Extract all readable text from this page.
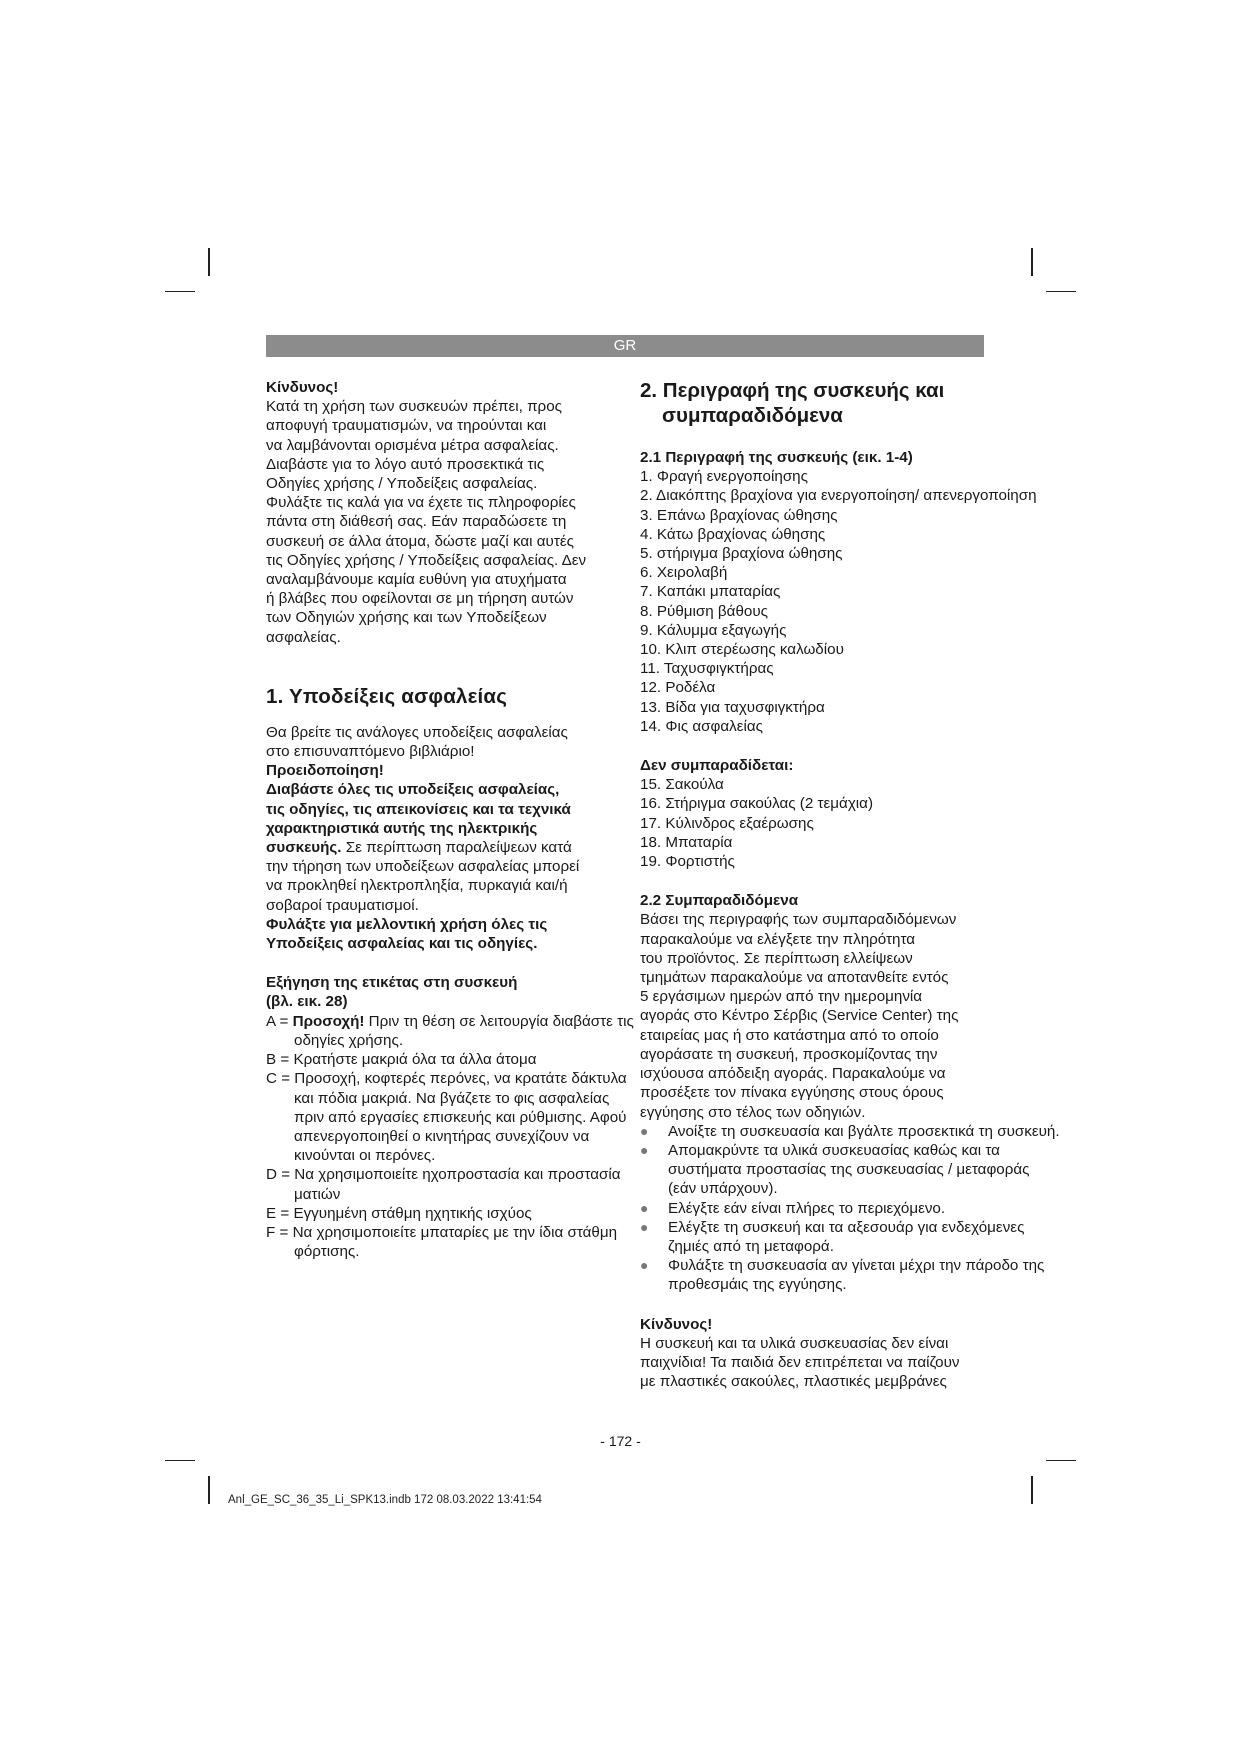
GR

Κίνδυνος!

Κατά τη χρήση των συσκευών πρέπει, προς

αποφυγή τραυματισμών, να τηρούνται και

να λαμβάνονται ορισμένα μέτρα ασφαλείας.

Διαβάστε για το λόγο αυτό προσεκτικά τις

Οδηγίες χρήσης / Υποδείξεις ασφαλείας.

Φυλάξτε τις καλά για να έχετε τις πληροφορίες

πάντα στη διάθεσή σας. Εάν παραδώσετε τη

συσκευή σε άλλα άτομα, δώστε μαζί και αυτές

τις Οδηγίες χρήσης / Υποδείξεις ασφαλείας. Δεν

αναλαμβάνουμε καμία ευθύνη για ατυχήματα

ή βλάβες που οφείλονται σε μη τήρηση αυτών

των Οδηγιών χρήσης και των Υποδείξεων

ασφαλείας.

1. Υποδείξεις ασφαλείας

Θα βρείτε τις ανάλογες υποδείξεις ασφαλείας

στο επισυναπτόμενο βιβλιάριο!

Προειδοποίηση!

Διαβάστε όλες τις υποδείξεις ασφαλείας,

τις οδηγίες, τις απεικονίσεις και τα τεχνικά

χαρακτηριστικά αυτής της ηλεκτρικής

συσκευής. Σε περίπτωση παραλείψεων κατά

την τήρηση των υποδείξεων ασφαλείας μπορεί

να προκληθεί ηλεκτροπληξία, πυρκαγιά και/ή

σοβαροί τραυματισμοί.

Φυλάξτε για μελλοντική χρήση όλες τις

Υποδείξεις ασφαλείας και τις οδηγίες.

Εξήγηση της ετικέτας στη συσκευή

(βλ. εικ. 28)

A = Προσοχή! Πριν τη θέση σε λειτουργία διαβάστε τις οδηγίες χρήσης.

B = Κρατήστε μακριά όλα τα άλλα άτομα

C = Προσοχή, κοφτερές περόνες, να κρατάτε δάκτυλα και πόδια μακριά. Να βγάζετε το φις ασφαλείας πριν από εργασίες επισκευής και ρύθμισης. Αφού απενεργοποιηθεί ο κινητήρας συνεχίζουν να κινούνται οι περόνες.

D = Να χρησιμοποιείτε ηχοπροστασία και προστασία ματιών

E = Εγγυημένη στάθμη ηχητικής ισχύος

F = Να χρησιμοποιείτε μπαταρίες με την ίδια στάθμη φόρτισης.

2. Περιγραφή της συσκευής και

συμπαραδιδόμενα

2.1 Περιγραφή της συσκευής (εικ. 1-4)

1. Φραγή ενεργοποίησης

2. Διακόπτης βραχίονα για ενεργοποίηση/ απενεργοποίηση

3. Επάνω βραχίονας ώθησης

4. Κάτω βραχίονας ώθησης

5. στήριγμα βραχίονα ώθησης

6. Χειρολαβή

7. Καπάκι μπαταρίας

8. Ρύθμιση βάθους

9. Κάλυμμα εξαγωγής

10. Κλιπ στερέωσης καλωδίου

11. Ταχυσφιγκτήρας

12. Ροδέλα

13. Βίδα για ταχυσφιγκτήρα

14. Φις ασφαλείας

Δεν συμπαραδίδεται:

15. Σακούλα

16. Στήριγμα σακούλας (2 τεμάχια)

17. Κύλινδρος εξαέρωσης

18. Μπαταρία

19. Φορτιστής

2.2 Συμπαραδιδόμενα

Βάσει της περιγραφής των συμπαραδιδόμενων

παρακαλούμε να ελέγξετε την πληρότητα

του προϊόντος. Σε περίπτωση ελλείψεων

τμημάτων παρακαλούμε να αποτανθείτε εντός

5 εργάσιμων ημερών από την ημερομηνία

αγοράς στο Κέντρο Σέρβις (Service Center) της

εταιρείας μας ή στο κατάστημα από το οποίο

αγοράσατε τη συσκευή, προσκομίζοντας την

ισχύουσα απόδειξη αγοράς. Παρακαλούμε να

προσέξετε τον πίνακα εγγύησης στους όρους

εγγύησης στο τέλος των οδηγιών.

● Ανοίξτε τη συσκευασία και βγάλτε προσεκτικά τη συσκευή.
● Απομακρύντε τα υλικά συσκευασίας καθώς και τα συστήματα προστασίας της συσκευασίας / μεταφοράς (εάν υπάρχουν).
● Ελέγξτε εάν είναι πλήρες το περιεχόμενο.
● Ελέγξτε τη συσκευή και τα αξεσουάρ για ενδεχόμενες ζημιές από τη μεταφορά.
● Φυλάξτε τη συσκευασία αν γίνεται μέχρι την πάροδο της προθεσμάις της εγγύησης.

Κίνδυνος!

Η συσκευή και τα υλικά συσκευασίας δεν είναι

παιχνίδια! Τα παιδιά δεν επιτρέπεται να παίζουν

με πλαστικές σακούλες, πλαστικές μεμβράνες

- 172 -
Anl_GE_SC_36_35_Li_SPK13.indb 172 08.03.2022 13:41:54
